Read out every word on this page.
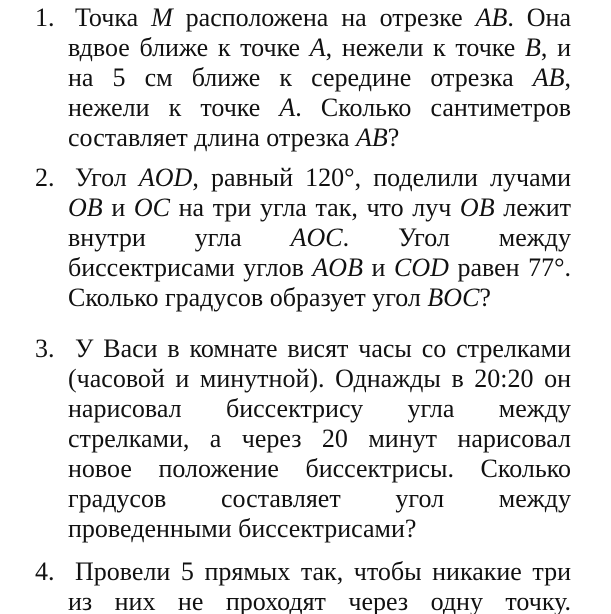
1. Точка M расположена на отрезке AB. Она
вдвое ближе к точке A, нежели к точке B, и
на 5 см ближе к середине отрезка AB,
нежели к точке A. Сколько сантиметров
составляет длина отрезка AB?
2. Угол AOD, равный 120°, поделили лучами
OB и OC на три угла так, что луч OB лежит
внутри угла AOC. Угол между
биссектрисами углов AOB и COD равен 77°.
Сколько градусов образует угол BOC?
3. У Васи в комнате висят часы со стрелками
(часовой и минутной). Однажды в 20:20 он
нарисовал биссектрису угла между
стрелками, а через 20 минут нарисовал
новое положение биссектрисы. Сколько
градусов составляет угол между
проведенными биссектрисами?
4. Провели 5 прямых так, чтобы никакие три
из них не проходят через одну точку.
